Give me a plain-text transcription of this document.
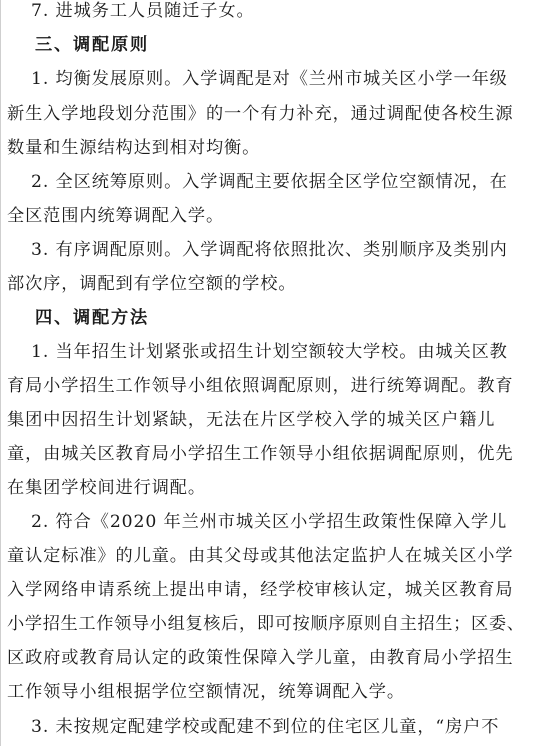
7. 进城务工人员随迁子女。
三、调配原则
1. 均衡发展原则。入学调配是对《兰州市城关区小学一年级
新生入学地段划分范围》的一个有力补充，通过调配使各校生源
数量和生源结构达到相对均衡。
2. 全区统筹原则。入学调配主要依据全区学位空额情况，在
全区范围内统筹调配入学。
3. 有序调配原则。入学调配将依照批次、类别顺序及类别内
部次序，调配到有学位空额的学校。
四、调配方法
1. 当年招生计划紧张或招生计划空额较大学校。由城关区教
育局小学招生工作领导小组依照调配原则，进行统筹调配。教育
集团中因招生计划紧缺，无法在片区学校入学的城关区户籍儿
童，由城关区教育局小学招生工作领导小组依据调配原则，优先
在集团学校间进行调配。
2. 符合《2020 年兰州市城关区小学招生政策性保障入学儿
童认定标准》的儿童。由其父母或其他法定监护人在城关区小学
入学网络申请系统上提出申请，经学校审核认定，城关区教育局
小学招生工作领导小组复核后，即可按顺序原则自主招生；区委、
区政府或教育局认定的政策性保障入学儿童，由教育局小学招生
工作领导小组根据学位空额情况，统筹调配入学。
3. 未按规定配建学校或配建不到位的住宅区儿童，“房户不
